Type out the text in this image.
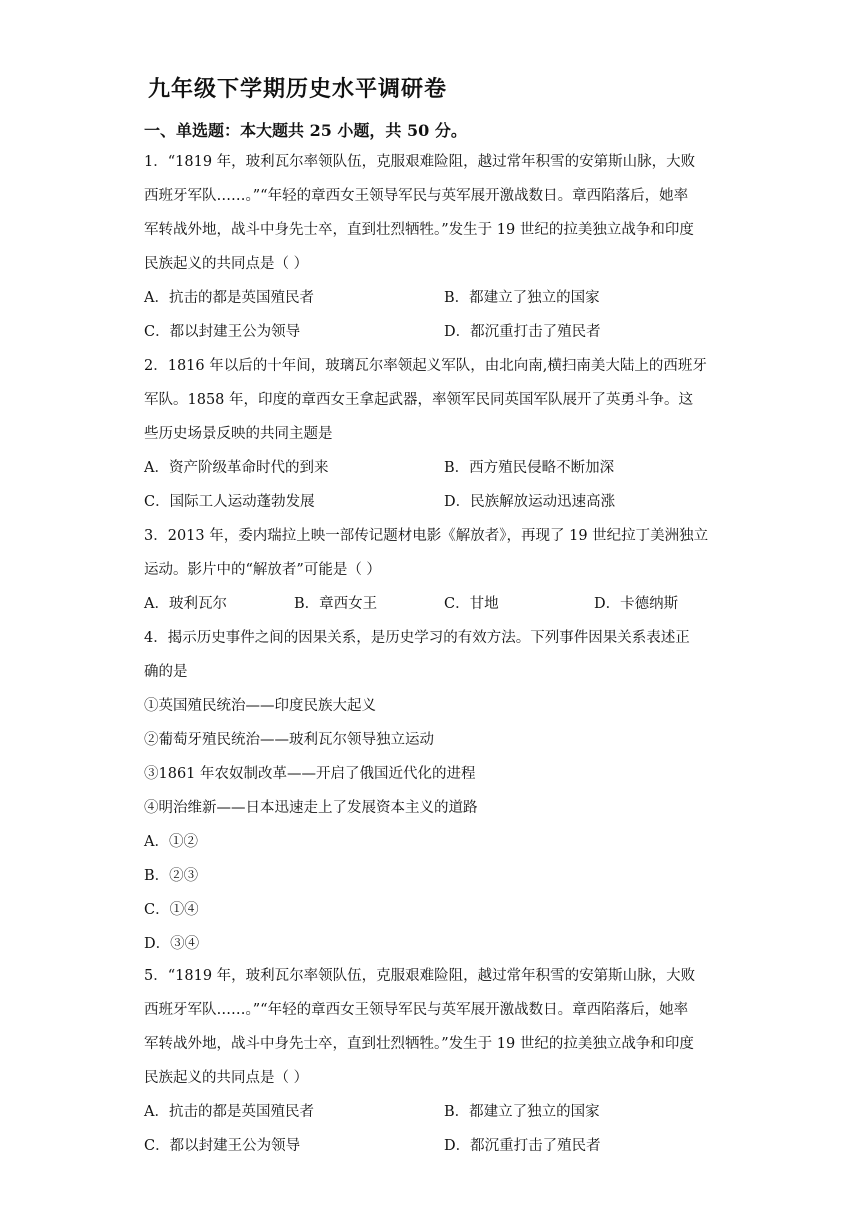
九年级下学期历史水平调研卷
一、单选题：本大题共 25 小题，共 50 分。
1．“1819 年，玻利瓦尔率领队伍，克服艰难险阻，越过常年积雪的安第斯山脉，大败
西班牙军队……。”“年轻的章西女王领导军民与英军展开激战数日。章西陷落后，她率
军转战外地，战斗中身先士卒，直到壮烈牺牲。”发生于 19 世纪的拉美独立战争和印度
民族起义的共同点是（ ）
A．抗击的都是英国殖民者	B．都建立了独立的国家
C．都以封建王公为领导	D．都沉重打击了殖民者
2．1816 年以后的十年间，玻璃瓦尔率领起义军队，由北向南,横扫南美大陆上的西班牙
军队。1858 年，印度的章西女王拿起武器，率领军民同英国军队展开了英勇斗争。这
些历史场景反映的共同主题是
A．资产阶级革命时代的到来	B．西方殖民侵略不断加深
C．国际工人运动蓬勃发展	D．民族解放运动迅速高涨
3．2013 年，委内瑞拉上映一部传记题材电影《解放者》，再现了 19 世纪拉丁美洲独立
运动。影片中的“解放者”可能是（ ）
A．玻利瓦尔	B．章西女王	C．甘地	D．卡德纳斯
4．揭示历史事件之间的因果关系，是历史学习的有效方法。下列事件因果关系表述正
确的是
①英国殖民统治——印度民族大起义
②葡萄牙殖民统治——玻利瓦尔领导独立运动
③1861 年农奴制改革——开启了俄国近代化的进程
④明治维新——日本迅速走上了发展资本主义的道路
A．①②
B．②③
C．①④
D．③④
5．“1819 年，玻利瓦尔率领队伍，克服艰难险阻，越过常年积雪的安第斯山脉，大败
西班牙军队……。”“年轻的章西女王领导军民与英军展开激战数日。章西陷落后，她率
军转战外地，战斗中身先士卒，直到壮烈牺牲。”发生于 19 世纪的拉美独立战争和印度
民族起义的共同点是（ ）
A．抗击的都是英国殖民者	B．都建立了独立的国家
C．都以封建王公为领导	D．都沉重打击了殖民者
